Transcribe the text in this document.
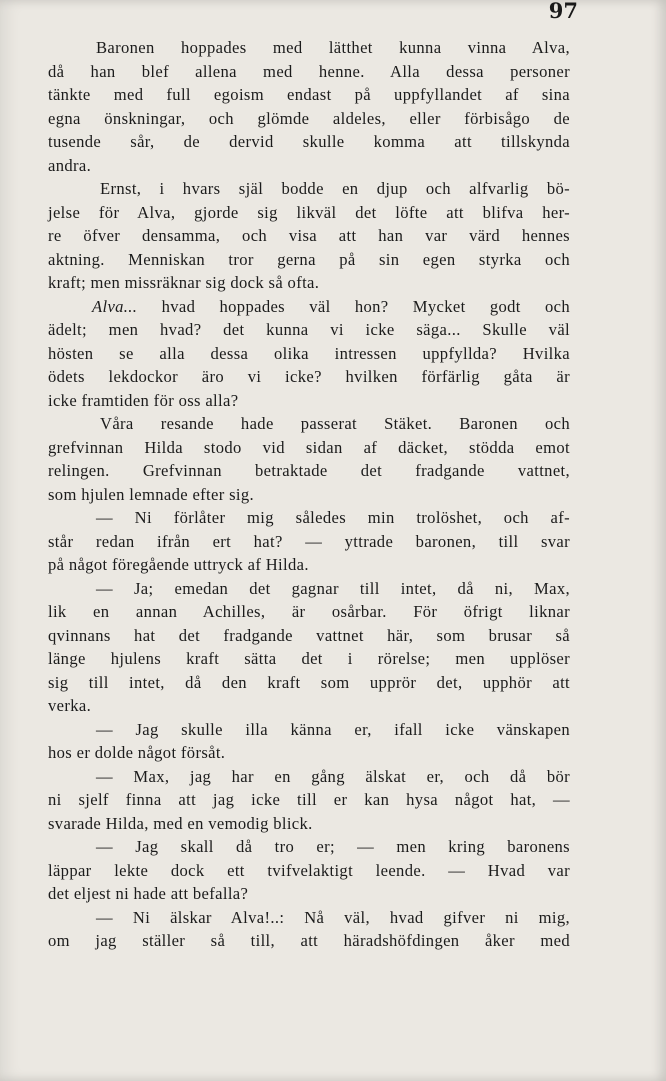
97
Baronen hoppades med lätthet kunna vinna Alva,
då han blef allena med henne. Alla dessa personer
tänkte med full egoism endast på uppfyllandet af sina
egna önskningar, och glömde aldeles, eller förbisågo de
tusende sår, de dervid skulle komma att tillskynda
andra.
Ernst, i hvars själ bodde en djup och alfvarlig bö-
jelse för Alva, gjorde sig likväl det löfte att blifva her-
re öfver densamma, och visa att han var värd hennes
aktning. Menniskan tror gerna på sin egen styrka och
kraft; men missräknar sig dock så ofta.
Alva... hvad hoppades väl hon? Mycket godt och
ädelt; men hvad? det kunna vi icke säga... Skulle väl
hösten se alla dessa olika intressen uppfyllda? Hvilka
ödets lekdockor äro vi icke? hvilken förfärlig gåta är
icke framtiden för oss alla?
Våra resande hade passerat Stäket. Baronen och
grefvinnan Hilda stodo vid sidan af däcket, stödda emot
relingen. Grefvinnan betraktade det fradgande vattnet,
som hjulen lemnade efter sig.
— Ni förlåter mig således min trolöshet, och af-
står redan ifrån ert hat? — yttrade baronen, till svar
på något föregående uttryck af Hilda.
— Ja; emedan det gagnar till intet, då ni, Max,
lik en annan Achilles, är osårbar. För öfrigt liknar
qvinnans hat det fradgande vattnet här, som brusar så
länge hjulens kraft sätta det i rörelse; men upplöser
sig till intet, då den kraft som upprör det, upphör att
verka.
— Jag skulle illa känna er, ifall icke vänskapen
hos er dolde något försåt.
— Max, jag har en gång älskat er, och då bör
ni sjelf finna att jag icke till er kan hysa något hat, —
svarade Hilda, med en vemodig blick.
— Jag skall då tro er; — men kring baronens
läppar lekte dock ett tvifvelaktigt leende. — Hvad var
det eljest ni hade att befalla?
— Ni älskar Alva!..: Nå väl, hvad gifver ni mig,
om jag ställer så till, att häradshöfdingen åker med
